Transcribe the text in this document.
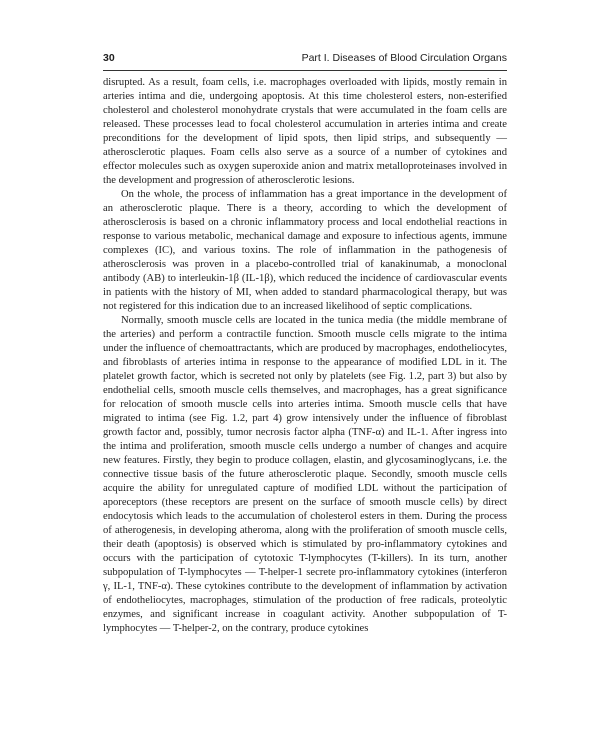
30	Part I. Diseases of Blood Circulation Organs

disrupted. As a result, foam cells, i.e. macrophages overloaded with lipids, mostly remain in arteries intima and die, undergoing apoptosis. At this time cholesterol esters, non-esterified cholesterol and cholesterol monohydrate crystals that were accumulated in the foam cells are released. These processes lead to focal cholesterol accumulation in arteries intima and create preconditions for the development of lipid spots, then lipid strips, and subsequently — atherosclerotic plaques. Foam cells also serve as a source of a number of cytokines and effector molecules such as oxygen superoxide anion and matrix metalloproteinases involved in the development and progression of atherosclerotic lesions.

On the whole, the process of inflammation has a great importance in the development of an atherosclerotic plaque. There is a theory, according to which the development of atherosclerosis is based on a chronic inflammatory process and local endothelial reactions in response to various metabolic, mechanical damage and exposure to infectious agents, immune complexes (IC), and various toxins. The role of inflammation in the pathogenesis of atherosclerosis was proven in a placebo-controlled trial of kanakinumab, a monoclonal antibody (AB) to interleukin-1β (IL-1β), which reduced the incidence of cardiovascular events in patients with the history of MI, when added to standard pharmacological therapy, but was not registered for this indication due to an increased likelihood of septic complications.

Normally, smooth muscle cells are located in the tunica media (the middle membrane of the arteries) and perform a contractile function. Smooth muscle cells migrate to the intima under the influence of chemoattractants, which are produced by macrophages, endotheliocytes, and fibroblasts of arteries intima in response to the appearance of modified LDL in it. The platelet growth factor, which is secreted not only by platelets (see Fig. 1.2, part 3) but also by endothelial cells, smooth muscle cells themselves, and macrophages, has a great significance for relocation of smooth muscle cells into arteries intima. Smooth muscle cells that have migrated to intima (see Fig. 1.2, part 4) grow intensively under the influence of fibroblast growth factor and, possibly, tumor necrosis factor alpha (TNF-α) and IL-1. After ingress into the intima and proliferation, smooth muscle cells undergo a number of changes and acquire new features. Firstly, they begin to produce collagen, elastin, and glycosaminoglycans, i.e. the connective tissue basis of the future atherosclerotic plaque. Secondly, smooth muscle cells acquire the ability for unregulated capture of modified LDL without the participation of aporeceptors (these receptors are present on the surface of smooth muscle cells) by direct endocytosis which leads to the accumulation of cholesterol esters in them. During the process of atherogenesis, in developing atheroma, along with the proliferation of smooth muscle cells, their death (apoptosis) is observed which is stimulated by pro-inflammatory cytokines and occurs with the participation of cytotoxic T-lymphocytes (T-killers). In its turn, another subpopulation of T-lymphocytes — T-helper-1 secrete pro-inflammatory cytokines (interferon γ, IL-1, TNF-α). These cytokines contribute to the development of inflammation by activation of endotheliocytes, macrophages, stimulation of the production of free radicals, proteolytic enzymes, and significant increase in coagulant activity. Another subpopulation of T-lymphocytes — T-helper-2, on the contrary, produce cytokines
